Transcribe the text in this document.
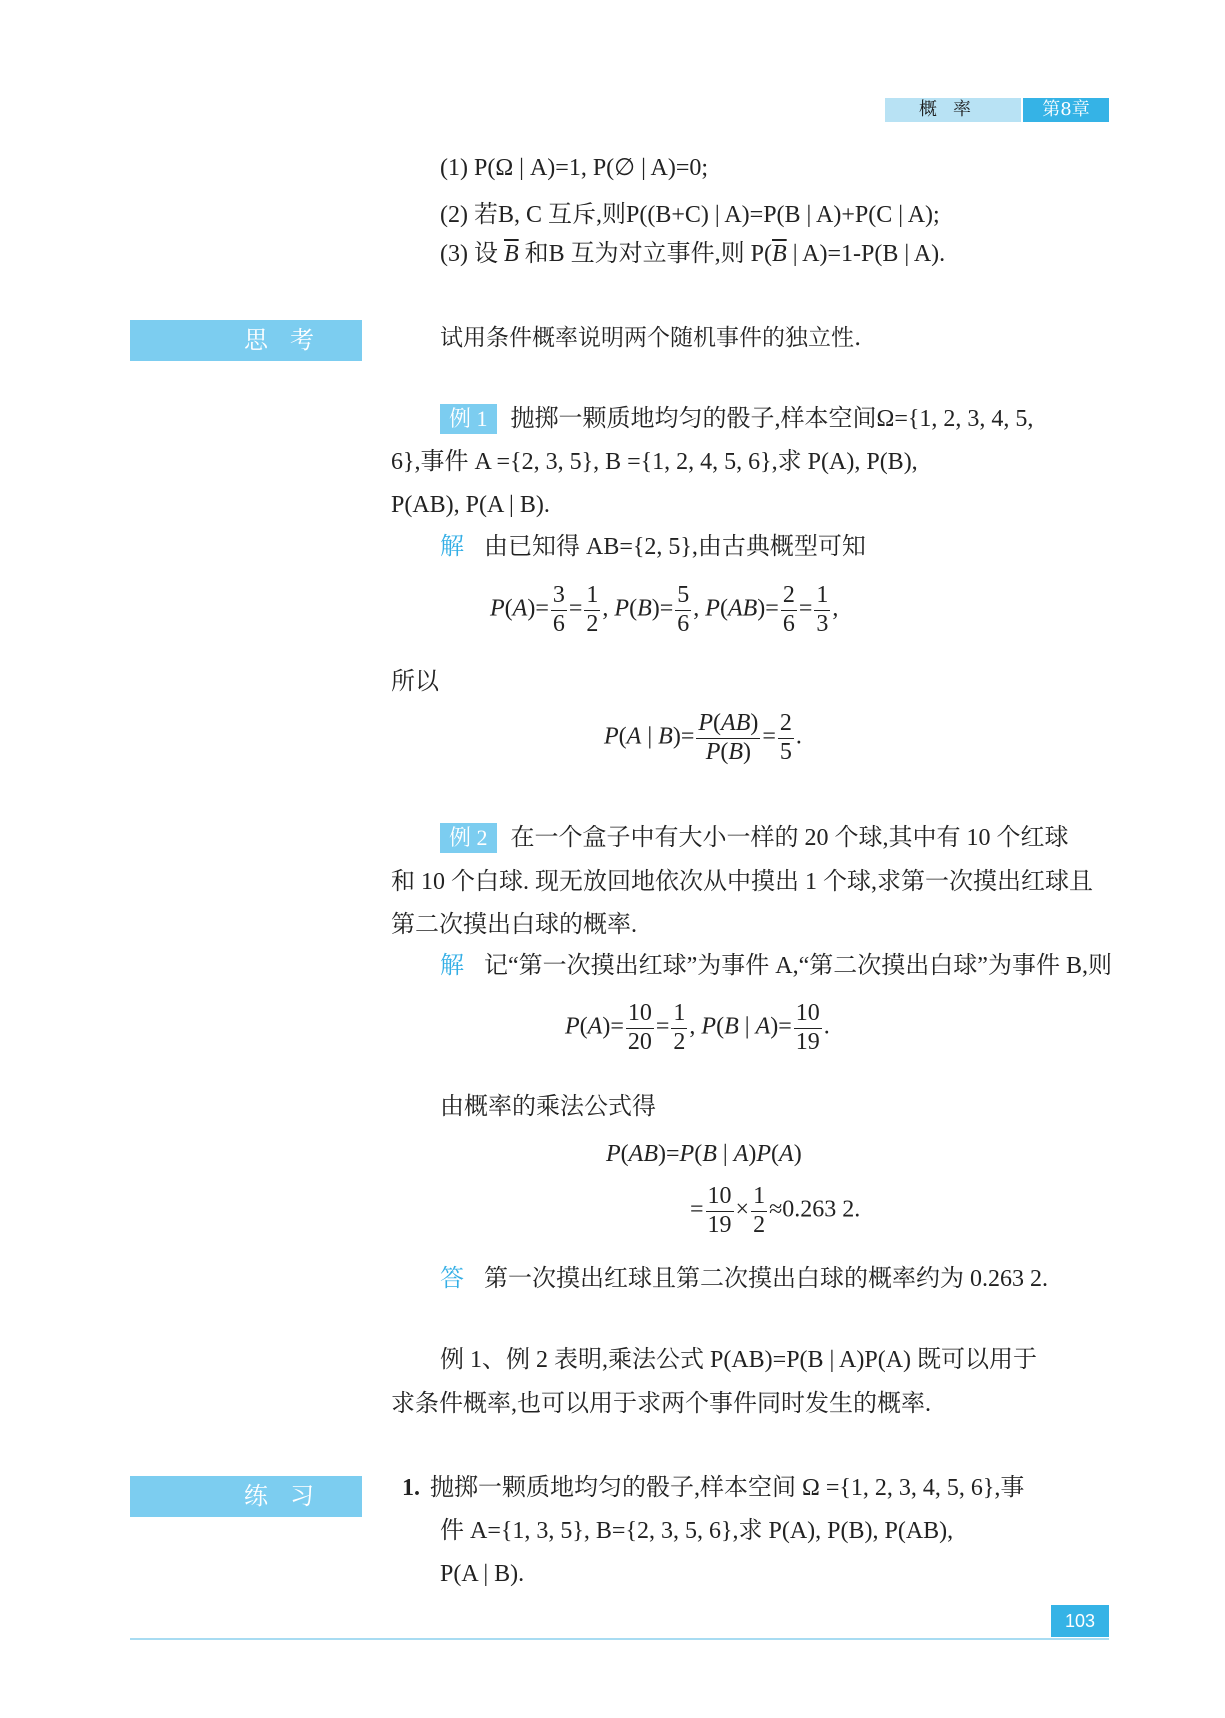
概率	第8章
(1) P(Ω | A)=1, P(∅ | A)=0;
(2) 若B, C 互斥,则P((B+C) | A)=P(B | A)+P(C | A);
(3) 设 $\overline{B}$ 和B 互为对立事件,则 $P(\overline{B}$ | A)=1-P(B | A).
思考	试用条件概率说明两个随机事件的独立性.
例 1 抛掷一颗质地均匀的骰子,样本空间Ω={1, 2, 3, 4, 5,
6},事件 A ={2, 3, 5}, B ={1, 2, 4, 5, 6},求 P(A), P(B),
P(AB), P(A | B).
解 由已知得 AB={2, 5},由古典概型可知
$P(A)= \frac{3}{6} = \frac{1}{2}$ , $P(B)= \frac{5}{6}$ , $P(AB)= \frac{2}{6} = \frac{1}{3}$ ,
所以
P(A | $B)= \frac{P(AB)}{P(B)} = \frac{2}{5}$ .
例 2 在一个盒子中有大小一样的 20 个球,其中有 10 个红球
和 10 个白球. 现无放回地依次从中摸出 1 个球,求第一次摸出红球且
第二次摸出白球的概率.
解 记“第一次摸出红球”为事件 A,“第二次摸出白球”为事件 B,则
$P(A)= \frac{10}{20} = \frac{1}{2}$ , P(B | $A)= \frac{10}{19}$ .
由概率的乘法公式得
P(AB)=P(B | A)P(A)
= $\frac{10}{19} \times \frac{1}{2} \approx 0.263$ 2.
答 第一次摸出红球且第二次摸出白球的概率约为 0.263 2.
例 1、例 2 表明,乘法公式 P(AB)=P(B | A)P(A) 既可以用于
求条件概率,也可以用于求两个事件同时发生的概率.
练习	1. 抛掷一颗质地均匀的骰子,样本空间 Ω ={1, 2, 3, 4, 5, 6},事
件 A={1, 3, 5}, B={2, 3, 5, 6},求 P(A), P(B), P(AB),
P(A | B).
103
